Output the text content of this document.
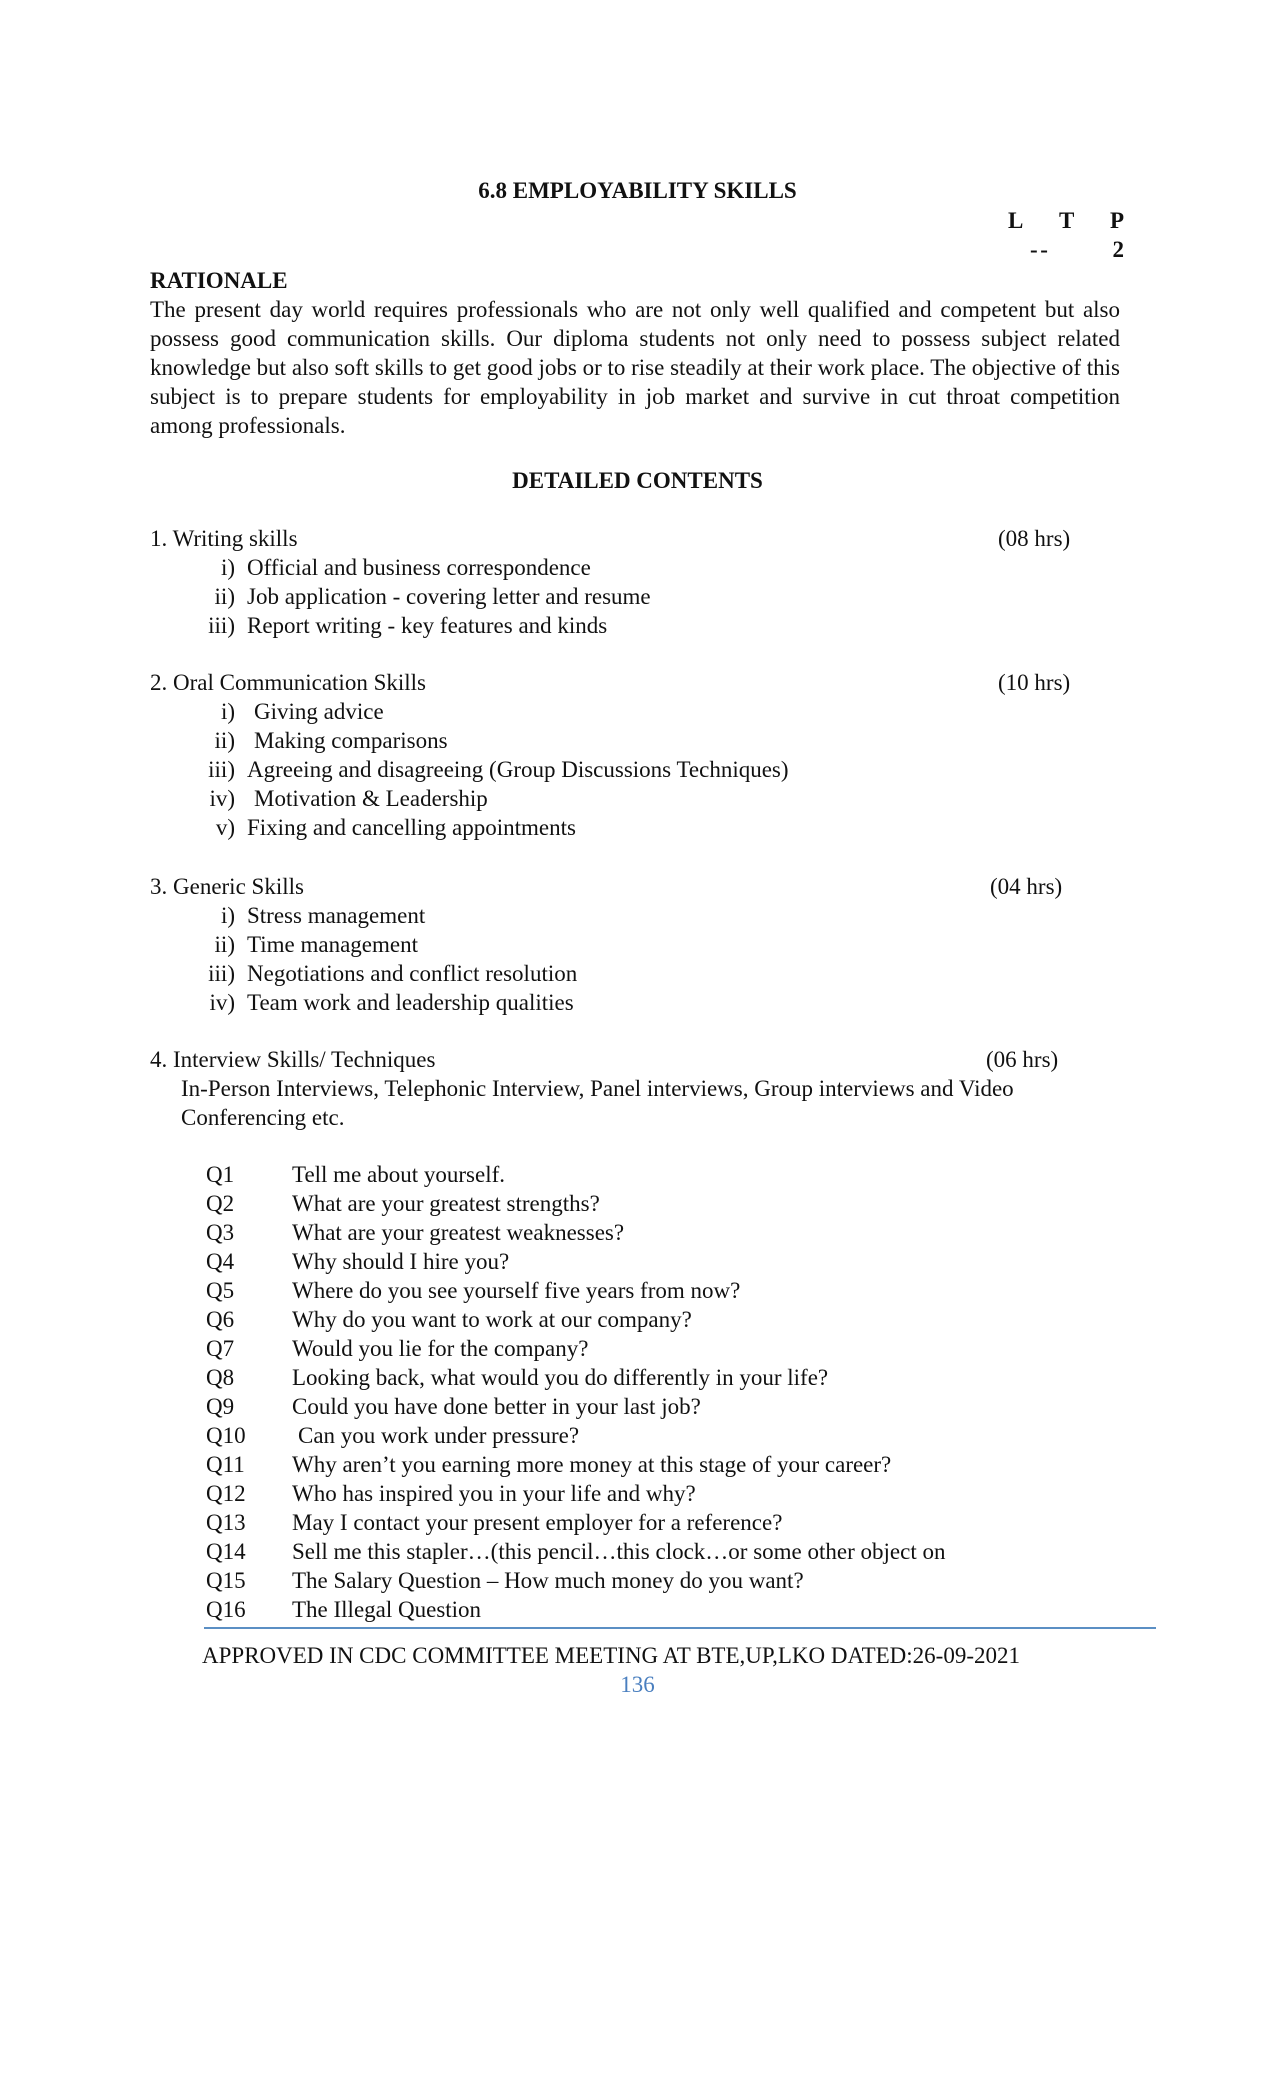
6.8 EMPLOYABILITY SKILLS
L T P
- -	2
RATIONALE
The present day world requires professionals who are not only well qualified and competent but also possess good communication skills. Our diploma students not only need to possess subject related knowledge but also soft skills to get good jobs or to rise steadily at their work place. The objective of this subject is to prepare students for employability in job market and survive in cut throat competition among professionals.
DETAILED CONTENTS
1. Writing skills	(08 hrs)
i) Official and business correspondence
ii) Job application - covering letter and resume
iii) Report writing - key features and kinds
2. Oral Communication Skills	(10 hrs)
i) Giving advice
ii) Making comparisons
iii) Agreeing and disagreeing (Group Discussions Techniques)
iv) Motivation & Leadership
v) Fixing and cancelling appointments
3. Generic Skills	(04 hrs)
i) Stress management
ii) Time management
iii) Negotiations and conflict resolution
iv) Team work and leadership qualities
4. Interview Skills/ Techniques	(06 hrs)
In-Person Interviews, Telephonic Interview, Panel interviews, Group interviews and Video Conferencing etc.
Q1	Tell me about yourself.
Q2	What are your greatest strengths?
Q3	What are your greatest weaknesses?
Q4	Why should I hire you?
Q5	Where do you see yourself five years from now?
Q6	Why do you want to work at our company?
Q7	Would you lie for the company?
Q8	Looking back, what would you do differently in your life?
Q9	Could you have done better in your last job?
Q10 Can you work under pressure?
Q11 Why aren’t you earning more money at this stage of your career?
Q12 Who has inspired you in your life and why?
Q13 May I contact your present employer for a reference?
Q14 Sell me this stapler…(this pencil…this clock…or some other object on
Q15 The Salary Question – How much money do you want?
Q16 The Illegal Question
APPROVED IN CDC COMMITTEE MEETING AT BTE,UP,LKO DATED:26-09-2021
136
